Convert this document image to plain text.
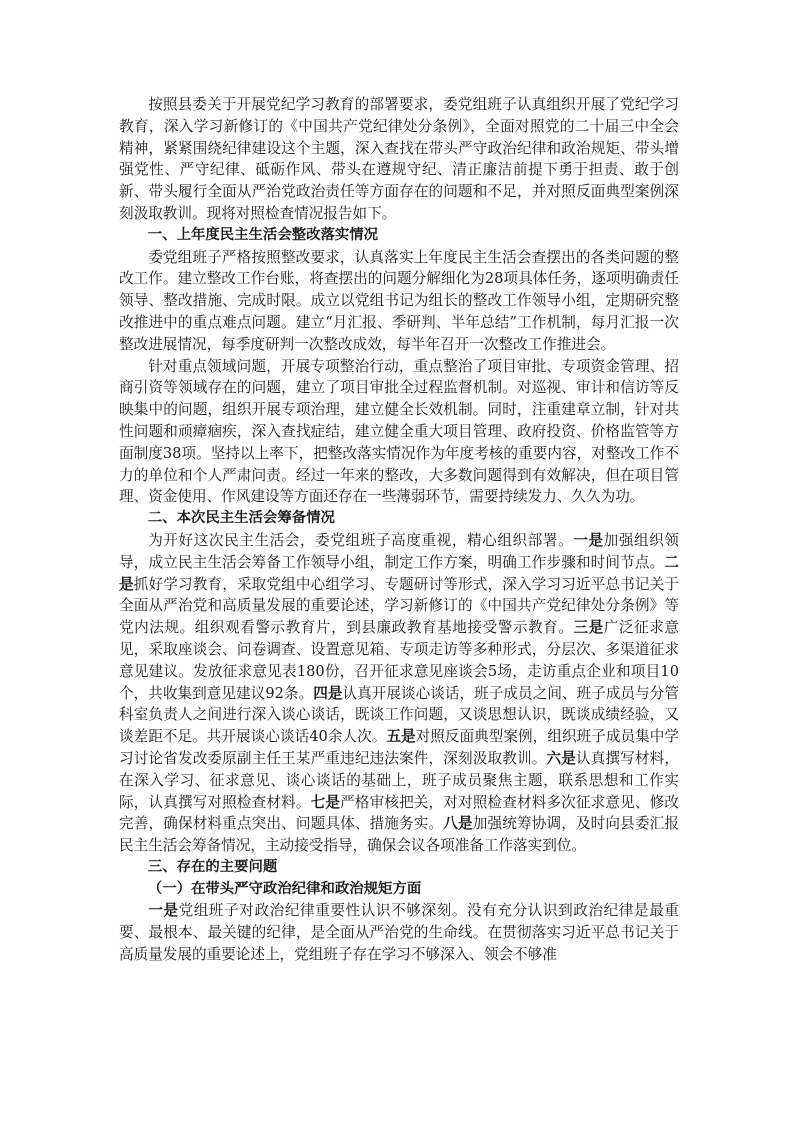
按照县委关于开展党纪学习教育的部署要求，委党组班子认真组织开展了党纪学习教育，深入学习新修订的《中国共产党纪律处分条例》，全面对照党的二十届三中全会精神，紧紧围绕纪律建设这个主题，深入查找在带头严守政治纪律和政治规矩、带头增强党性、严守纪律、砥砺作风、带头在遵规守纪、清正廉洁前提下勇于担责、敢于创新、带头履行全面从严治党政治责任等方面存在的问题和不足，并对照反面典型案例深刻汲取教训。现将对照检查情况报告如下。

一、上年度民主生活会整改落实情况

委党组班子严格按照整改要求，认真落实上年度民主生活会查摆出的各类问题的整改工作。建立整改工作台账，将查摆出的问题分解细化为28项具体任务，逐项明确责任领导、整改措施、完成时限。成立以党组书记为组长的整改工作领导小组，定期研究整改推进中的重点难点问题。建立“月汇报、季研判、半年总结”工作机制，每月汇报一次整改进展情况，每季度研判一次整改成效，每半年召开一次整改工作推进会。

针对重点领域问题，开展专项整治行动，重点整治了项目审批、专项资金管理、招商引资等领域存在的问题，建立了项目审批全过程监督机制。对巡视、审计和信访等反映集中的问题，组织开展专项治理，建立健全长效机制。同时，注重建章立制，针对共性问题和顽瘴痼疾，深入查找症结，建立健全重大项目管理、政府投资、价格监管等方面制度38项。坚持以上率下，把整改落实情况作为年度考核的重要内容，对整改工作不力的单位和个人严肃问责。经过一年来的整改，大多数问题得到有效解决，但在项目管理、资金使用、作风建设等方面还存在一些薄弱环节，需要持续发力、久久为功。

二、本次民主生活会筹备情况

为开好这次民主生活会，委党组班子高度重视，精心组织部署。一是加强组织领导，成立民主生活会筹备工作领导小组，制定工作方案，明确工作步骤和时间节点。二是抓好学习教育，采取党组中心组学习、专题研讨等形式，深入学习习近平总书记关于全面从严治党和高质量发展的重要论述，学习新修订的《中国共产党纪律处分条例》等党内法规。组织观看警示教育片，到县廉政教育基地接受警示教育。三是广泛征求意见，采取座谈会、问卷调查、设置意见箱、专项走访等多种形式，分层次、多渠道征求意见建议。发放征求意见表180份，召开征求意见座谈会5场，走访重点企业和项目10个，共收集到意见建议92条。四是认真开展谈心谈话，班子成员之间、班子成员与分管科室负责人之间进行深入谈心谈话，既谈工作问题，又谈思想认识，既谈成绩经验，又谈差距不足。共开展谈心谈话40余人次。五是对照反面典型案例，组织班子成员集中学习讨论省发改委原副主任王某严重违纪违法案件，深刻汲取教训。六是认真撰写材料，在深入学习、征求意见、谈心谈话的基础上，班子成员聚焦主题，联系思想和工作实际，认真撰写对照检查材料。七是严格审核把关，对对照检查材料多次征求意见、修改完善，确保材料重点突出、问题具体、措施务实。八是加强统筹协调，及时向县委汇报民主生活会筹备情况，主动接受指导，确保会议各项准备工作落实到位。

三、存在的主要问题

（一）在带头严守政治纪律和政治规矩方面

一是党组班子对政治纪律重要性认识不够深刻。没有充分认识到政治纪律是最重要、最根本、最关键的纪律，是全面从严治党的生命线。在贯彻落实习近平总书记关于高质量发展的重要论述上，党组班子存在学习不够深入、领会不够准
